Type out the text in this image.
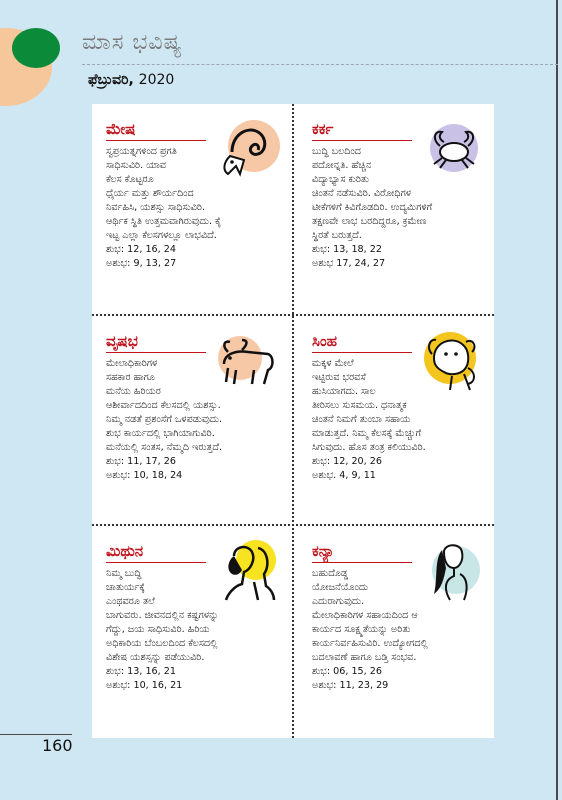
ಮಾಸ ಭವಿಷ್ಯ
ಫೆಬ್ರುವರಿ, 2020
ಮೇಷ
ಸ್ವಪ್ರಯತ್ನಗಳಿಂದ ಪ್ರಗತಿ
ಸಾಧಿಸುವಿರಿ. ಯಾವ
ಕೆಲಸ ಕೊಟ್ಟರೂ
ಧೈರ್ಯ ಮತ್ತು ಶೌರ್ಯದಿಂದ
ನಿರ್ವಹಿಸಿ, ಯಶಸ್ಸು ಸಾಧಿಸುವಿರಿ.
ಆರ್ಥಿಕ ಸ್ಥಿತಿ ಉತ್ತಮವಾಗಿರುವುದು. ಕೈ
ಇಟ್ಟ ಎಲ್ಲಾ ಕೆಲಸಗಳಲ್ಲೂ ಲಾಭವಿದೆ.
ಶುಭ: 12, 16, 24
ಅಶುಭ: 9, 13, 27
ಕರ್ಕ
ಬುದ್ಧಿ ಬಲದಿಂದ
ಪದೋನ್ನತಿ. ಹೆಚ್ಚಿನ
ವಿದ್ಯಾಭ್ಯಾಸ ಕುರಿತು
ಚಿಂತನೆ ನಡೆಸುವಿರಿ. ವಿರೋಧಿಗಳ
ಟೀಕೆಗಳಿಗೆ ಕಿವಿಗೊಡದಿರಿ. ಉದ್ಯಮಿಗಳಿಗೆ
ತಕ್ಷಣವೇ ಲಾಭ ಬರದಿದ್ದರೂ, ಕ್ರಮೇಣ
ಸ್ಥಿರತೆ ಬರುತ್ತದೆ.
ಶುಭ: 13, 18, 22
ಅಶುಭ 17, 24, 27
ವೃಷಭ
ಮೇಲಾಧಿಕಾರಿಗಳ
ಸಹಕಾರ ಹಾಗೂ
ಮನೆಯ ಹಿರಿಯರ
ಆಶೀರ್ವಾದದಿಂದ ಕೆಲಸದಲ್ಲಿ ಯಶಸ್ಸು.
ನಿಮ್ಮ ನಡತೆ ಪ್ರಶಂಸೆಗೆ ಒಳಪಡುವುದು.
ಶುಭ ಕಾರ್ಯದಲ್ಲಿ ಭಾಗಿಯಾಗುವಿರಿ.
ಮನೆಯಲ್ಲಿ ಸಂತಸ, ನೆಮ್ಮದಿ ಇರುತ್ತದೆ.
ಶುಭ: 11, 17, 26
ಅಶುಭ: 10, 18, 24
ಸಿಂಹ
ಮಕ್ಕಳ ಮೇಲೆ
ಇಟ್ಟಿರುವ ಭರವಸೆ
ಹುಸಿಯಾಗದು. ಸಾಲ
ತೀರಿಸಲು ಸುಸಮಯ. ಧನಾತ್ಮಕ
ಚಿಂತನೆ ನಿಮಗೆ ತುಂಬಾ ಸಹಾಯ
ಮಾಡುತ್ತದೆ. ನಿಮ್ಮ ಕೆಲಸಕ್ಕೆ ಮೆಚ್ಚುಗೆ
ಸಿಗುವುದು. ಹೊಸ ತಂತ್ರ ಕಲಿಯುವಿರಿ.
ಶುಭ: 12, 20, 26
ಅಶುಭ. 4, 9, 11
ಮಿಥುನ
ನಿಮ್ಮ ಬುದ್ಧಿ
ಚಾತುರ್ಯಕ್ಕೆ
ಎಂಥವರೂ ತಲೆ
ಬಾಗುವರು. ಜೀವನದಲ್ಲಿನ ಕಷ್ಟಗಳನ್ನು
ಗೆದ್ದು, ಜಯ ಸಾಧಿಸುವಿರಿ. ಹಿರಿಯ
ಅಧಿಕಾರಿಯ ಬೆಂಬಲದಿಂದ ಕೆಲಸದಲ್ಲಿ
ವಿಶೇಷ ಯಶಸ್ಸನ್ನು ಪಡೆಯುವಿರಿ.
ಶುಭ: 13, 16, 21
ಅಶುಭ: 10, 16, 21
ಕನ್ಯಾ
ಬಹುದೊಡ್ಡ
ಯೋಜನೆಯೊಂದು
ಎದುರಾಗುವುದು.
ಮೇಲಾಧಿಕಾರಿಗಳ ಸಹಾಯದಿಂದ ಆ
ಕಾರ್ಯದ ಸೂಕ್ಷ್ಮತೆಯನ್ನು ಅರಿತು
ಕಾರ್ಯನಿರ್ವಹಿಸುವಿರಿ. ಉದ್ಯೋಗದಲ್ಲಿ
ಬದಲಾವಣೆ ಹಾಗೂ ಬಡ್ತಿ ಸಂಭವ.
ಶುಭ: 06, 15, 26
ಅಶುಭ: 11, 23, 29
160
